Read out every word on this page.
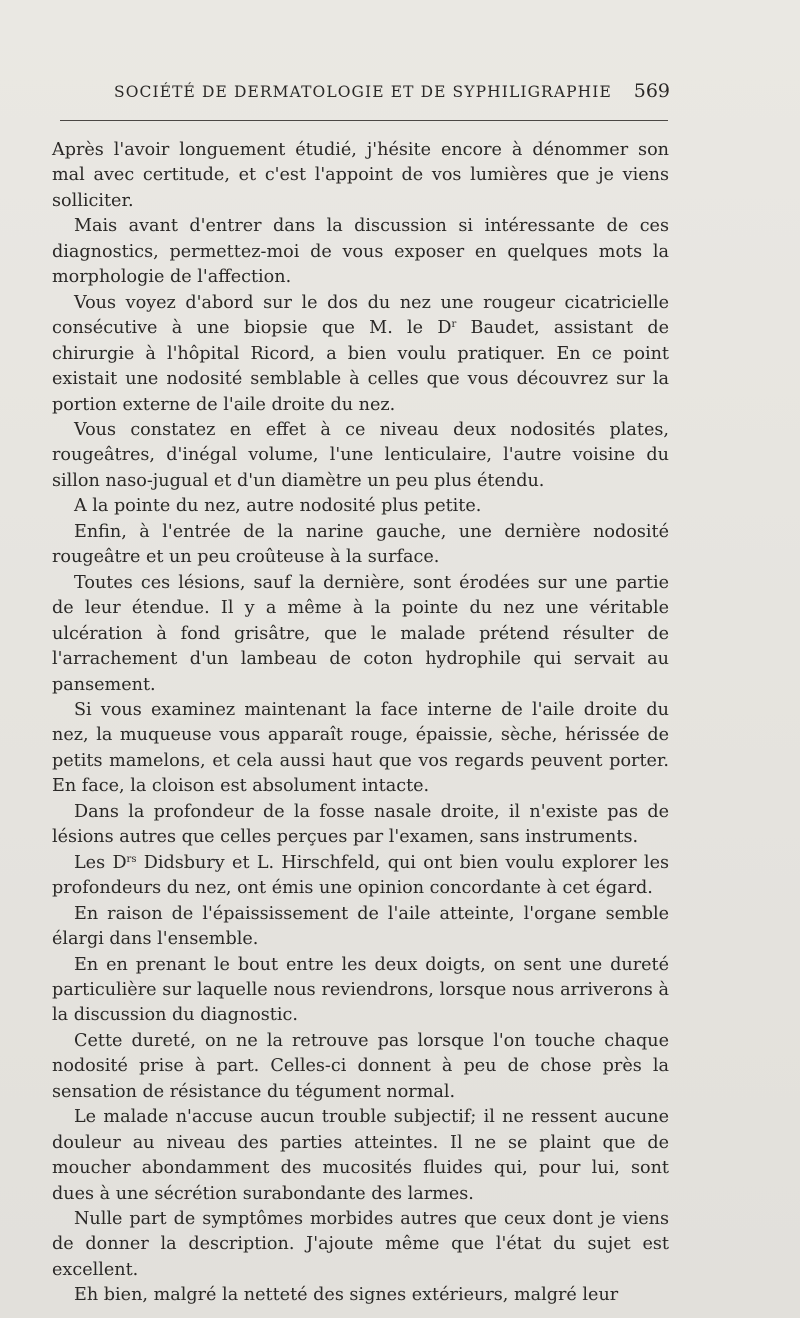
SOCIÉTÉ DE DERMATOLOGIE ET DE SYPHILIGRAPHIE 569

Après l'avoir longuement étudié, j'hésite encore à dénommer son mal avec certitude, et c'est l'appoint de vos lumières que je viens solliciter.

Mais avant d'entrer dans la discussion si intéressante de ces diagnostics, permettez-moi de vous exposer en quelques mots la morphologie de l'affection.

Vous voyez d'abord sur le dos du nez une rougeur cicatricielle consécutive à une biopsie que M. le $D^r$ Baudet, assistant de chirurgie à l'hôpital Ricord, a bien voulu pratiquer. En ce point existait une nodosité semblable à celles que vous découvrez sur la portion externe de l'aile droite du nez.

Vous constatez en effet à ce niveau deux nodosités plates, rougeâtres, d'inégal volume, l'une lenticulaire, l'autre voisine du sillon naso-jugual et d'un diamètre un peu plus étendu.

A la pointe du nez, autre nodosité plus petite.

Enfin, à l'entrée de la narine gauche, une dernière nodosité rougeâtre et un peu croûteuse à la surface.

Toutes ces lésions, sauf la dernière, sont érodées sur une partie de leur étendue. Il y a même à la pointe du nez une véritable ulcération à fond grisâtre, que le malade prétend résulter de l'arrachement d'un lambeau de coton hydrophile qui servait au pansement.

Si vous examinez maintenant la face interne de l'aile droite du nez, la muqueuse vous apparaît rouge, épaissie, sèche, hérissée de petits mamelons, et cela aussi haut que vos regards peuvent porter. En face, la cloison est absolument intacte.

Dans la profondeur de la fosse nasale droite, il n'existe pas de lésions autres que celles perçues par l'examen, sans instruments.

Les $D^{rs}$ Didsbury et L. Hirschfeld, qui ont bien voulu explorer les profondeurs du nez, ont émis une opinion concordante à cet égard.

En raison de l'épaississement de l'aile atteinte, l'organe semble élargi dans l'ensemble.

En en prenant le bout entre les deux doigts, on sent une dureté particulière sur laquelle nous reviendrons, lorsque nous arriverons à la discussion du diagnostic.

Cette dureté, on ne la retrouve pas lorsque l'on touche chaque nodosité prise à part. Celles-ci donnent à peu de chose près la sensation de résistance du tégument normal.

Le malade n'accuse aucun trouble subjectif; il ne ressent aucune douleur au niveau des parties atteintes. Il ne se plaint que de moucher abondamment des mucosités fluides qui, pour lui, sont dues à une sécrétion surabondante des larmes.

Nulle part de symptômes morbides autres que ceux dont je viens de donner la description. J'ajoute même que l'état du sujet est excellent.

Eh bien, malgré la netteté des signes extérieurs, malgré leur
